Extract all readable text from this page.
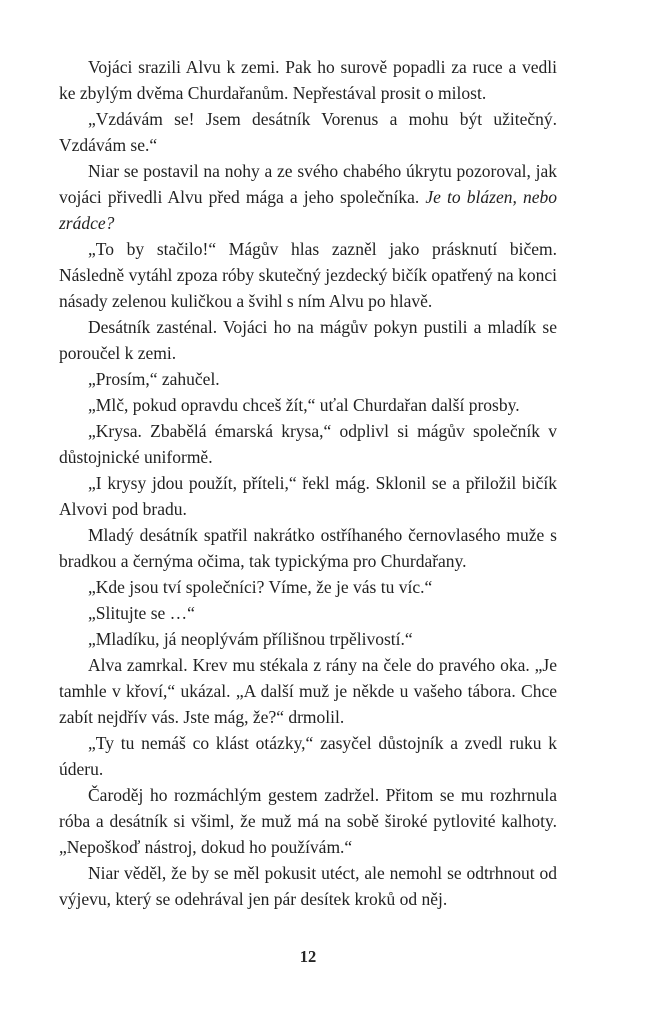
Vojáci srazili Alvu k zemi. Pak ho surově popadli za ruce a vedli ke zbylým dvěma Churdařanům. Nepřestával prosit o milost.

„Vzdávám se! Jsem desátník Vorenus a mohu být užitečný. Vzdávám se.“

Niar se postavil na nohy a ze svého chabého úkrytu pozoroval, jak vojáci přivedli Alvu před mága a jeho společníka. Je to blázen, nebo zrádce?

„To by stačilo!“ Mágův hlas zazněl jako prásknutí bičem. Následně vytáhl zpoza róby skutečný jezdecký bičík opatřený na konci násady zelenou kuličkou a švihl s ním Alvu po hlavě.

Desátník zasténal. Vojáci ho na mágův pokyn pustili a mladík se poroučel k zemi.

„Prosím,“ zahučel.

„Mlč, pokud opravdu chceš žít,“ uťal Churdařan další prosby.

„Krysa. Zbabělá émarská krysa,“ odplivl si mágův společník v důstojnické uniformě.

„I krysy jdou použít, příteli,“ řekl mág. Sklonil se a přiložil bičík Alvovi pod bradu.

Mladý desátník spatřil nakrátko ostříhaného černovlasého muže s bradkou a černýma očima, tak typickýma pro Churdařany.

„Kde jsou tví společníci? Víme, že je vás tu víc.“

„Slitujte se …“

„Mladíku, já neoplývám přílišnou trpělivostí.“

Alva zamrkal. Krev mu stékala z rány na čele do pravého oka. „Je tamhle v křoví,“ ukázal. „A další muž je někde u vašeho tábora. Chce zabít nejdřív vás. Jste mág, že?“ drmolil.

„Ty tu nemáš co klást otázky,“ zasyčel důstojník a zvedl ruku k úderu.

Čaroděj ho rozmáchlým gestem zadržel. Přitom se mu rozhrnula róba a desátník si všiml, že muž má na sobě široké pytlovité kalhoty. „Nepoškoď nástroj, dokud ho používám.“

Niar věděl, že by se měl pokusit utéct, ale nemohl se odtrhnout od výjevu, který se odehrával jen pár desítek kroků od něj.

12
